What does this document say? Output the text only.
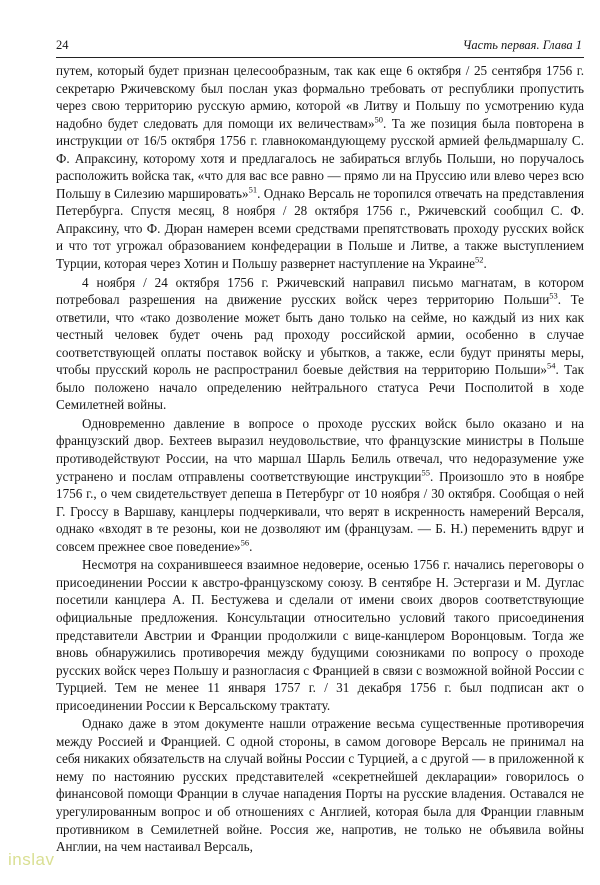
24	Часть первая. Глава 1

путем, который будет признан целесообразным, так как еще 6 октября / 25 сентября 1756 г. секретарю Ржичевскому был послан указ формально требовать от республики пропустить через свою территорию русскую армию, которой «в Литву и Польшу по усмотрению куда надобно будет следовать для помощи их величествам»$^{50}$. Та же позиция была повторена в инструкции от 16/5 октября 1756 г. главнокомандующему русской армией фельдмаршалу С. Ф. Апраксину, которому хотя и предлагалось не забираться вглубь Польши, но поручалось расположить войска так, «что для вас все равно — прямо ли на Пруссию или влево через всю Польшу в Силезию маршировать»$^{51}$. Однако Версаль не торопился отвечать на представления Петербурга. Спустя месяц, 8 ноября / 28 октября 1756 г., Ржичевский сообщил С. Ф. Апраксину, что Ф. Дюран намерен всеми средствами препятствовать проходу русских войск и что тот угрожал образованием конфедерации в Польше и Литве, а также выступлением Турции, которая через Хотин и Польшу развернет наступление на Украине$^{52}$.

4 ноября / 24 октября 1756 г. Ржичевский направил письмо магнатам, в котором потребовал разрешения на движение русских войск через территорию Польши$^{53}$. Те ответили, что «тако дозволение может быть дано только на сейме, но каждый из них как честный человек будет очень рад проходу российской армии, особенно в случае соответствующей оплаты поставок войску и убытков, а также, если будут приняты меры, чтобы прусский король не распространил боевые действия на территорию Польши»$^{54}$. Так было положено начало определению нейтрального статуса Речи Посполитой в ходе Семилетней войны.

Одновременно давление в вопросе о проходе русских войск было оказано и на французский двор. Бехтеев выразил неудовольствие, что французские министры в Польше противодействуют России, на что маршал Шарль Белиль отвечал, что недоразумение уже устранено и послам отправлены соответствующие инструкции$^{55}$. Произошло это в ноябре 1756 г., о чем свидетельствует депеша в Петербург от 10 ноября / 30 октября. Сообщая о ней Г. Гроссу в Варшаву, канцлеры подчеркивали, что верят в искренность намерений Версаля, однако «входят в те резоны, кои не дозволяют им (французам. — Б. Н.) переменить вдруг и совсем прежнее свое поведение»$^{56}$.

Несмотря на сохранившееся взаимное недоверие, осенью 1756 г. начались переговоры о присоединении России к австро-французскому союзу. В сентябре Н. Эстергази и М. Дуглас посетили канцлера А. П. Бестужева и сделали от имени своих дворов соответствующие официальные предложения. Консультации относительно условий такого присоединения представители Австрии и Франции продолжили с вице-канцлером Воронцовым. Тогда же вновь обнаружились противоречия между будущими союзниками по вопросу о проходе русских войск через Польшу и разногласия с Францией в связи с возможной войной России с Турцией. Тем не менее 11 января 1757 г. / 31 декабря 1756 г. был подписан акт о присоединении России к Версальскому трактату.

Однако даже в этом документе нашли отражение весьма существенные противоречия между Россией и Францией. С одной стороны, в самом договоре Версаль не принимал на себя никаких обязательств на случай войны России с Турцией, а с другой — в приложенной к нему по настоянию русских представителей «секретнейшей декларации» говорилось о финансовой помощи Франции в случае нападения Порты на русские владения. Оставался не урегулированным вопрос и об отношениях с Англией, которая была для Франции главным противником в Семилетней войне. Россия же, напротив, не только не объявила войны Англии, на чем настаивал Версаль,

inslav
